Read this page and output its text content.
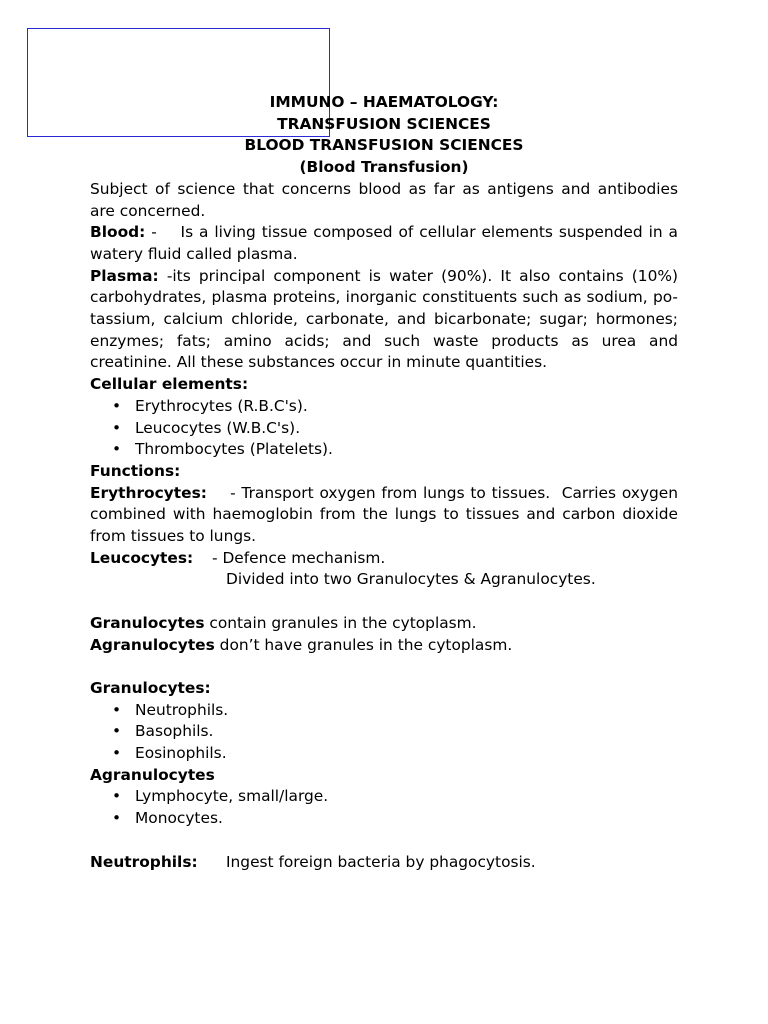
IMMUNO – HAEMATOLOGY:

TRANSFUSION SCIENCES

BLOOD TRANSFUSION SCIENCES

(Blood Transfusion)

Subject of science that concerns blood as far as antigens and antibodies are concerned.

Blood: -    Is a living tissue composed of cellular elements suspended in a watery fluid called plasma.

Plasma: -its principal component is water (90%). It also contains (10%) carbohydrates, plasma proteins, inorganic constituents such as sodium, po-tassium, calcium chloride, carbonate, and bicarbonate; sugar; hormones; enzymes; fats; amino acids; and such waste products as urea and creatinine. All these substances occur in minute quantities.

Cellular elements:

• Erythrocytes (R.B.C's).
• Leucocytes (W.B.C's).
• Thrombocytes (Platelets).

Functions:

Erythrocytes:    - Transport oxygen from lungs to tissues.  Carries oxygen combined with haemoglobin from the lungs to tissues and carbon dioxide from tissues to lungs.

Leucocytes:	- Defence mechanism.

Divided into two Granulocytes & Agranulocytes.

Granulocytes contain granules in the cytoplasm.

Agranulocytes don’t have granules in the cytoplasm.

Granulocytes:

• Neutrophils.
• Basophils.
• Eosinophils.

Agranulocytes

• Lymphocyte, small/large.
• Monocytes.
Neutrophils:	Ingest foreign bacteria by phagocytosis.
